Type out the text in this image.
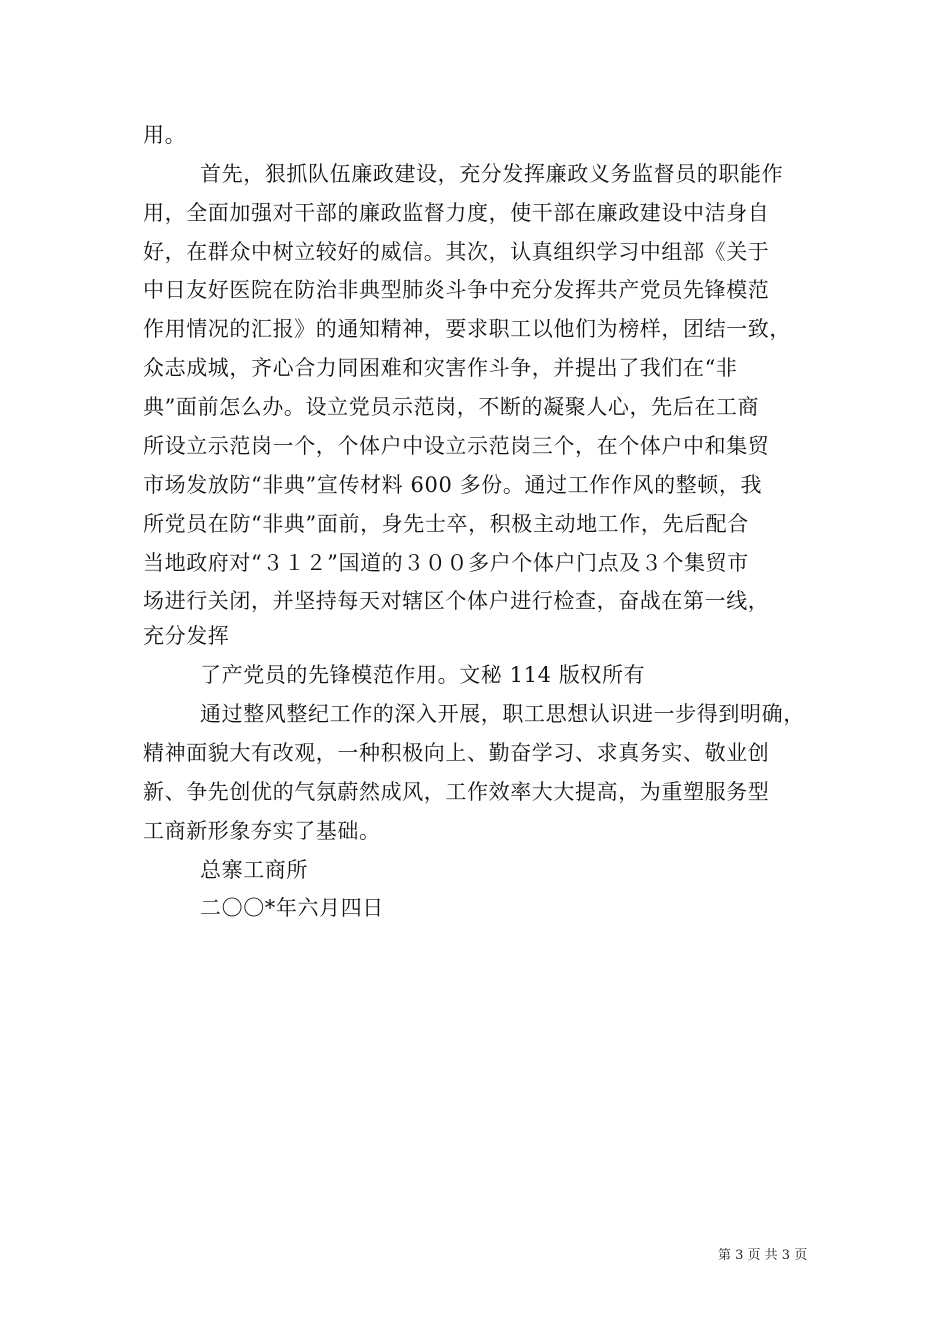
用。
首先，狠抓队伍廉政建设，充分发挥廉政义务监督员的职能作
用，全面加强对干部的廉政监督力度，使干部在廉政建设中洁身自
好，在群众中树立较好的威信。其次，认真组织学习中组部《关于
中日友好医院在防治非典型肺炎斗争中充分发挥共产党员先锋模范
作用情况的汇报》的通知精神，要求职工以他们为榜样，团结一致，
众志成城，齐心合力同困难和灾害作斗争，并提出了我们在“非
典”面前怎么办。设立党员示范岗，不断的凝聚人心，先后在工商
所设立示范岗一个，个体户中设立示范岗三个，在个体户中和集贸
市场发放防“非典”宣传材料 600 多份。通过工作作风的整顿，我
所党员在防“非典”面前，身先士卒，积极主动地工作，先后配合
当地政府对“３１２”国道的３００多户个体户门点及３个集贸市
场进行关闭，并坚持每天对辖区个体户进行检查，奋战在第一线，
充分发挥
了产党员的先锋模范作用。文秘 114 版权所有
通过整风整纪工作的深入开展，职工思想认识进一步得到明确，
精神面貌大有改观，一种积极向上、勤奋学习、求真务实、敬业创
新、争先创优的气氛蔚然成风，工作效率大大提高，为重塑服务型
工商新形象夯实了基础。
总寨工商所
二〇〇*年六月四日
第 3 页 共 3 页
